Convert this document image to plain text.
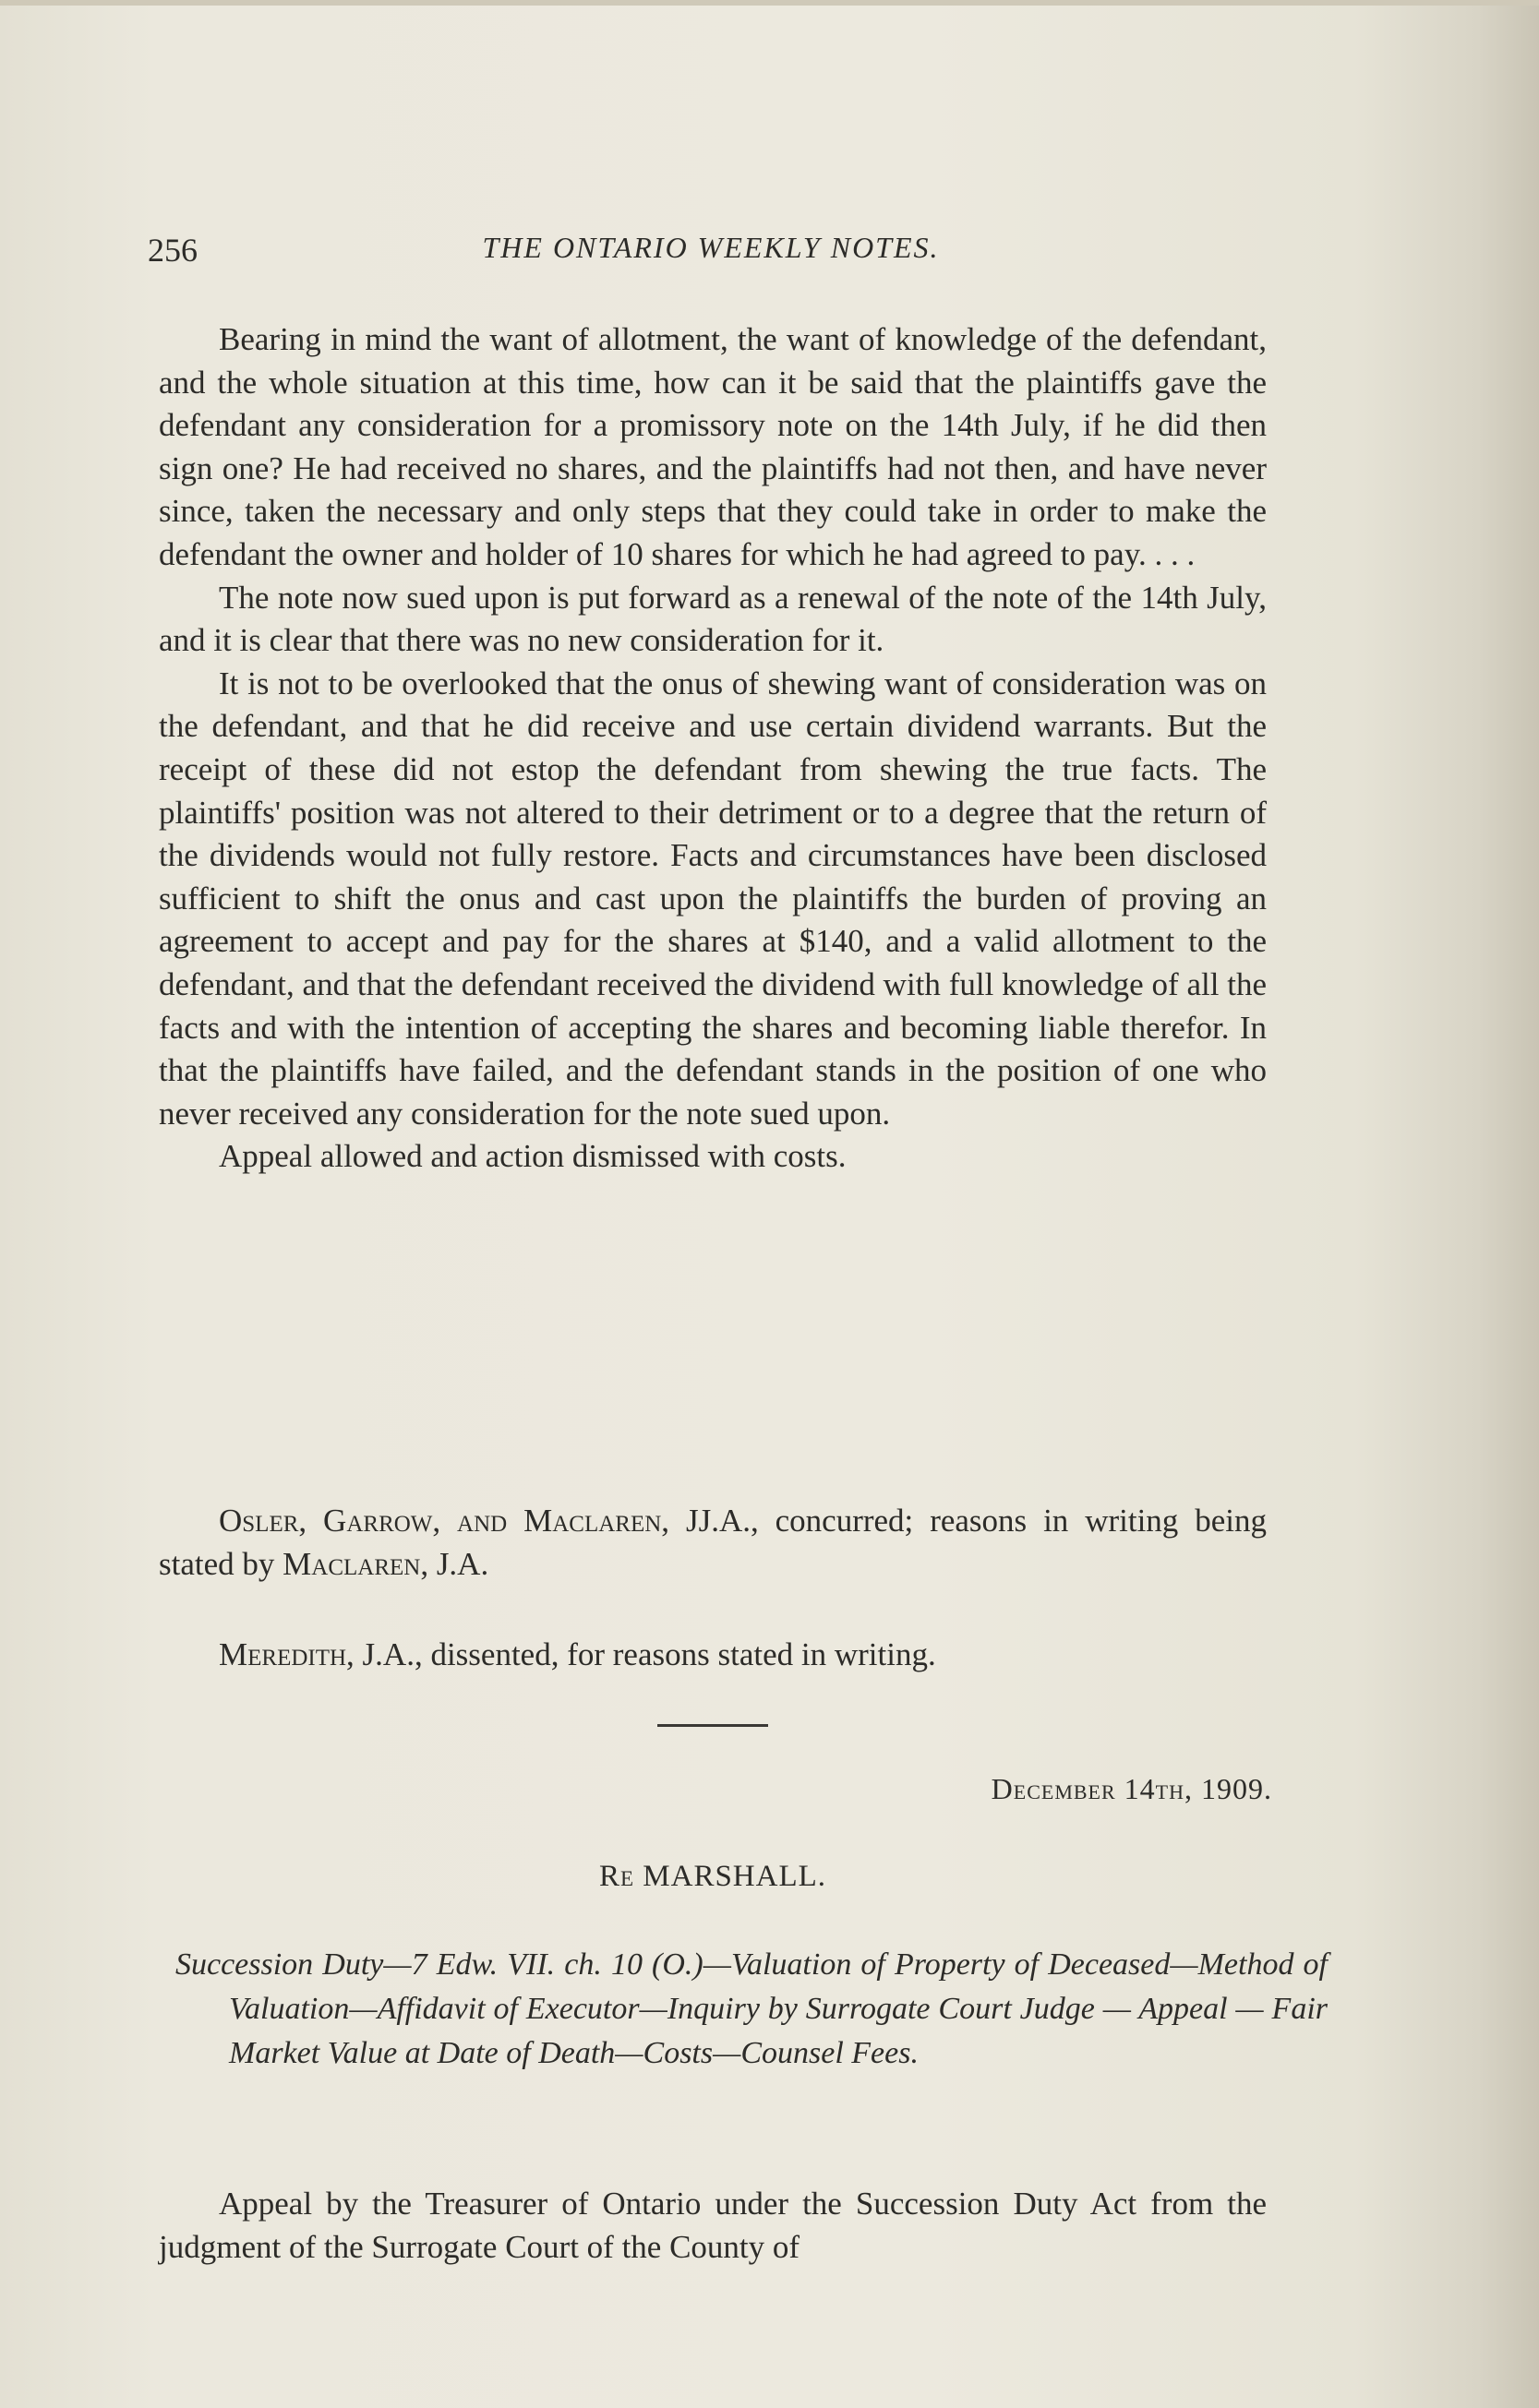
256	THE ONTARIO WEEKLY NOTES.

Bearing in mind the want of allotment, the want of knowledge of the defendant, and the whole situation at this time, how can it be said that the plaintiffs gave the defendant any consideration for a promissory note on the 14th July, if he did then sign one? He had received no shares, and the plaintiffs had not then, and have never since, taken the necessary and only steps that they could take in order to make the defendant the owner and holder of 10 shares for which he had agreed to pay. . . .

The note now sued upon is put forward as a renewal of the note of the 14th July, and it is clear that there was no new consideration for it.

It is not to be overlooked that the onus of shewing want of consideration was on the defendant, and that he did receive and use certain dividend warrants. But the receipt of these did not estop the defendant from shewing the true facts. The plaintiffs' position was not altered to their detriment or to a degree that the return of the dividends would not fully restore. Facts and circumstances have been disclosed sufficient to shift the onus and cast upon the plaintiffs the burden of proving an agreement to accept and pay for the shares at $140, and a valid allotment to the defendant, and that the defendant received the dividend with full knowledge of all the facts and with the intention of accepting the shares and becoming liable therefor. In that the plaintiffs have failed, and the defendant stands in the position of one who never received any consideration for the note sued upon.

Appeal allowed and action dismissed with costs.

Osler, Garrow, and Maclaren, JJ.A., concurred; reasons in writing being stated by Maclaren, J.A.

Meredith, J.A., dissented, for reasons stated in writing.

December 14th, 1909.
Re MARSHALL.
Succession Duty—7 Edw. VII. ch. 10 (O.)—Valuation of Property of Deceased—Method of Valuation—Affidavit of Executor—Inquiry by Surrogate Court Judge — Appeal — Fair Market Value at Date of Death—Costs—Counsel Fees.

Appeal by the Treasurer of Ontario under the Succession Duty Act from the judgment of the Surrogate Court of the County of
